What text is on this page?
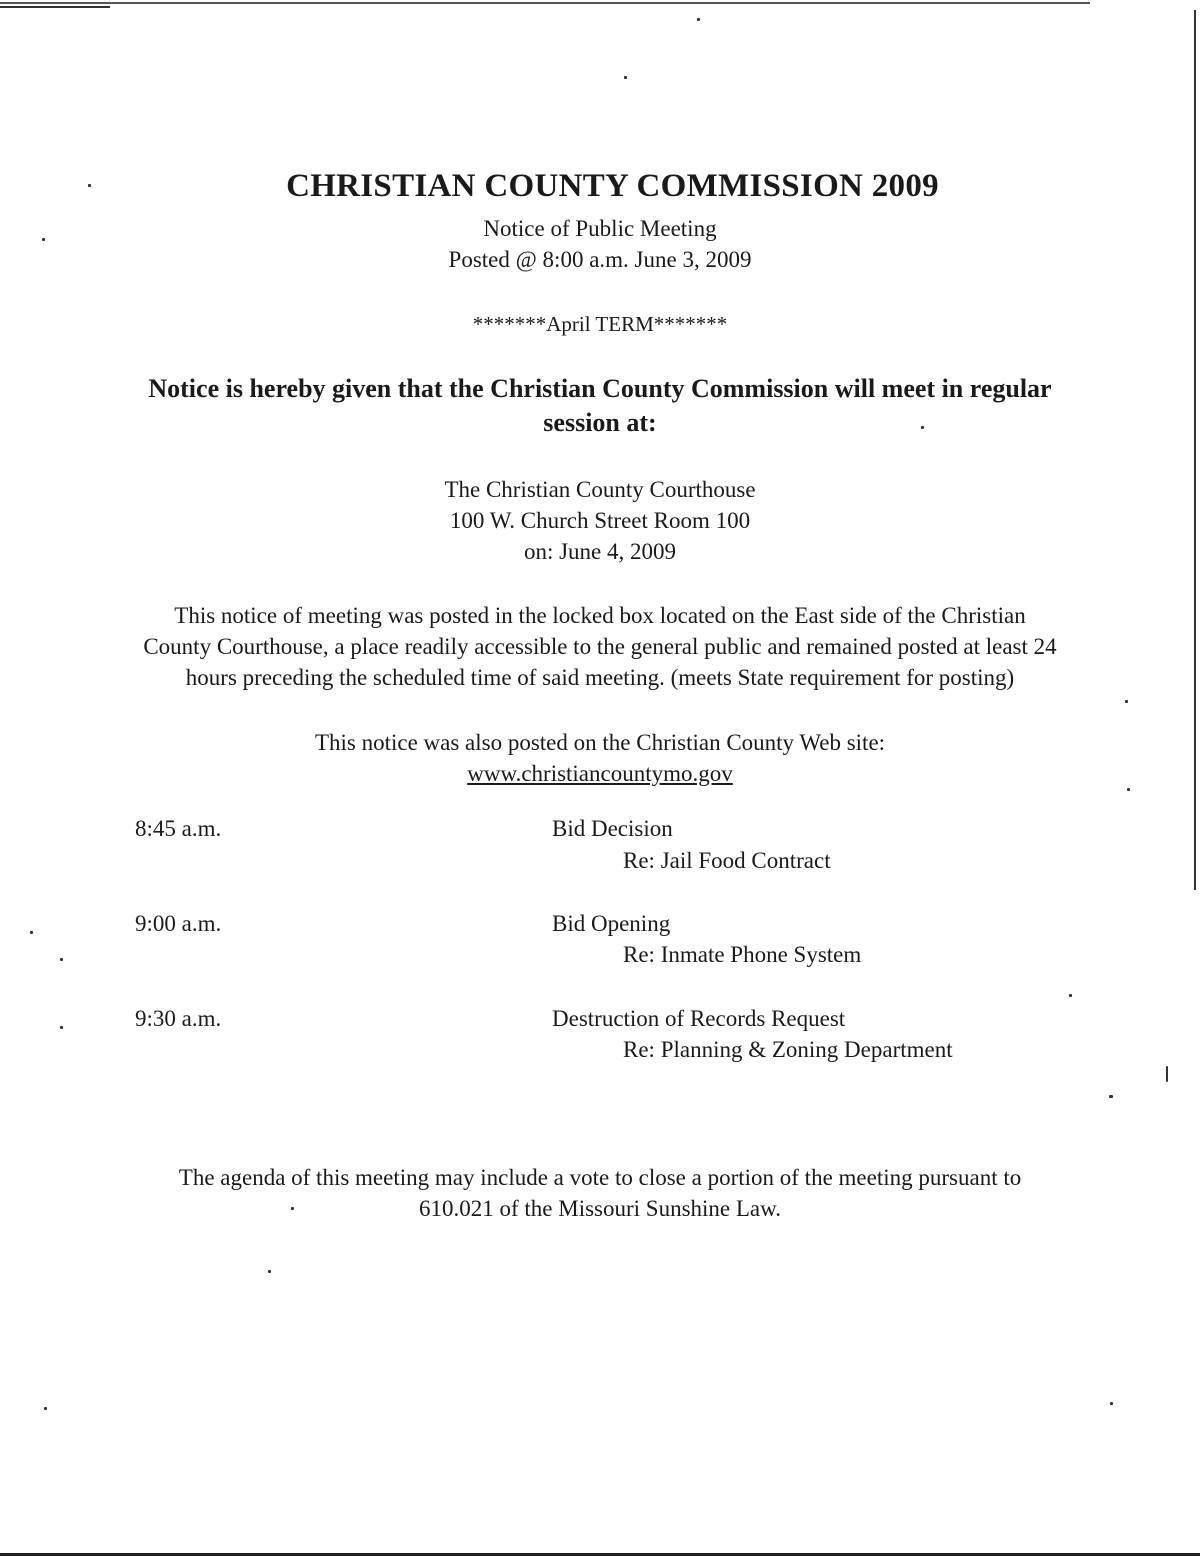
CHRISTIAN COUNTY COMMISSION 2009
Notice of Public Meeting
Posted @ 8:00 a.m. June 3, 2009
*******April TERM*******
Notice is hereby given that the Christian County Commission will meet in regular
session at:
The Christian County Courthouse
100 W. Church Street Room 100
on: June 4, 2009
This notice of meeting was posted in the locked box located on the East side of the Christian
County Courthouse, a place readily accessible to the general public and remained posted at least 24
hours preceding the scheduled time of said meeting. (meets State requirement for posting)
This notice was also posted on the Christian County Web site:
www.christiancountymo.gov
8:45 a.m.	Bid Decision
Re: Jail Food Contract
9:00 a.m.	Bid Opening
Re: Inmate Phone System
9:30 a.m.	Destruction of Records Request
Re: Planning & Zoning Department
The agenda of this meeting may include a vote to close a portion of the meeting pursuant to
610.021 of the Missouri Sunshine Law.
